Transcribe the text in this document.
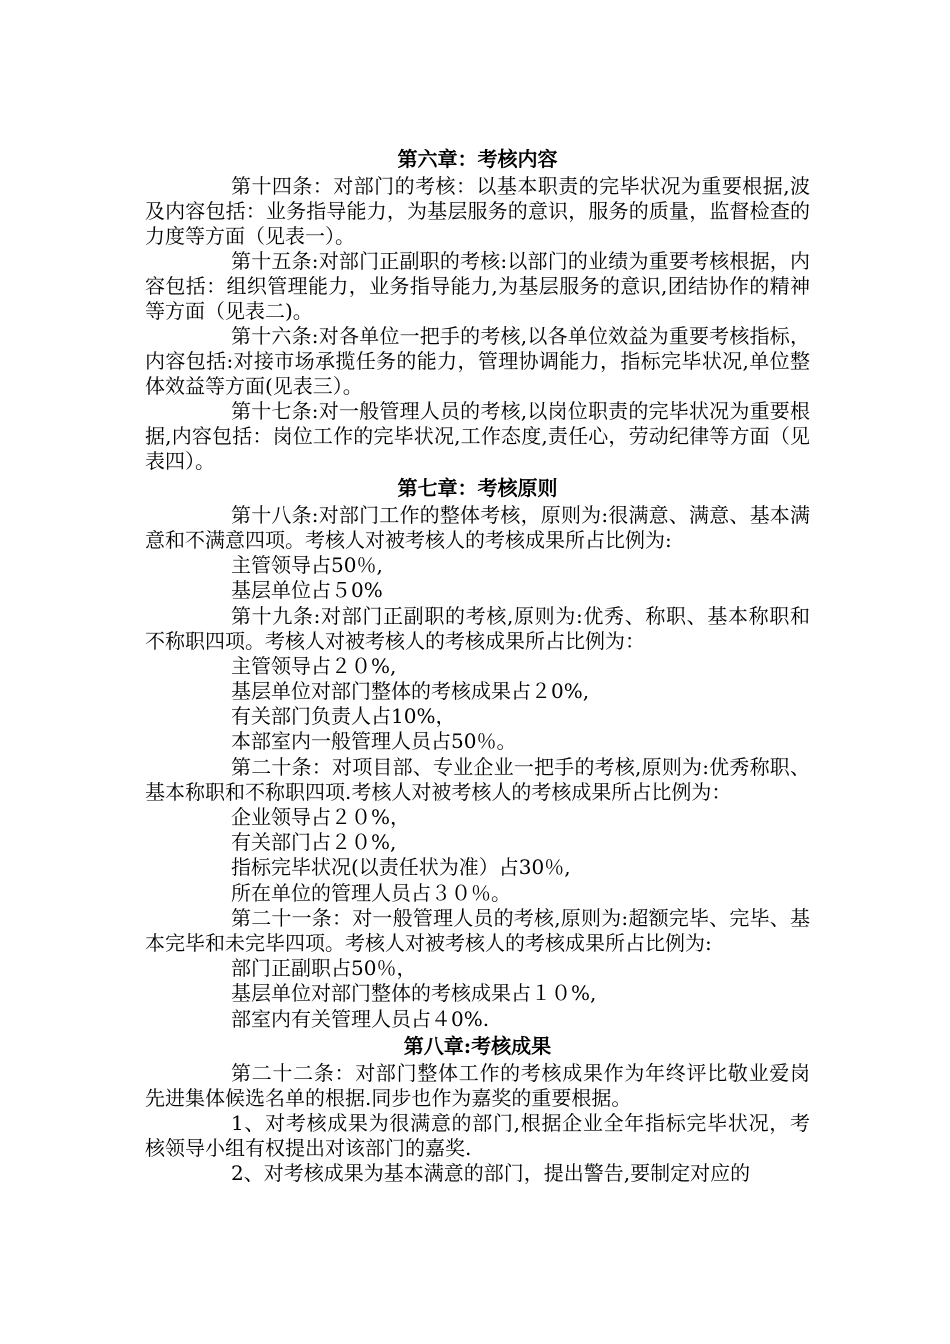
第六章：考核内容

第十四条：对部门的考核：以基本职责的完毕状况为重要根据,波及内容包括：业务指导能力，为基层服务的意识，服务的质量，监督检查的力度等方面（见表一）。

第十五条:对部门正副职的考核:以部门的业绩为重要考核根据，内容包括：组织管理能力，业务指导能力,为基层服务的意识,团结协作的精神等方面（见表二)。

第十六条:对各单位一把手的考核,以各单位效益为重要考核指标，内容包括:对接市场承揽任务的能力，管理协调能力，指标完毕状况,单位整体效益等方面(见表三）。

第十七条:对一般管理人员的考核,以岗位职责的完毕状况为重要根据,内容包括：岗位工作的完毕状况,工作态度,责任心，劳动纪律等方面（见表四）。

第七章：考核原则

第十八条:对部门工作的整体考核，原则为:很满意、满意、基本满意和不满意四项。考核人对被考核人的考核成果所占比例为:

主管领导占50％,

基层单位占５0%

第十九条:对部门正副职的考核,原则为:优秀、称职、基本称职和不称职四项。考核人对被考核人的考核成果所占比例为：

主管领导占２０%,

基层单位对部门整体的考核成果占２0%,

有关部门负责人占10%，

本部室内一般管理人员占50％。

第二十条：对项目部、专业企业一把手的考核,原则为:优秀称职、基本称职和不称职四项.考核人对被考核人的考核成果所占比例为：

企业领导占２０%，

有关部门占２０%,

指标完毕状况(以责任状为准）占30％,

所在单位的管理人员占３０％。

第二十一条：对一般管理人员的考核,原则为:超额完毕、完毕、基本完毕和未完毕四项。考核人对被考核人的考核成果所占比例为:

部门正副职占50％，

基层单位对部门整体的考核成果占１０%,

部室内有关管理人员占４0%.

第八章:考核成果

第二十二条：对部门整体工作的考核成果作为年终评比敬业爱岗先进集体候选名单的根据.同步也作为嘉奖的重要根据。

1、对考核成果为很满意的部门,根据企业全年指标完毕状况，考核领导小组有权提出对该部门的嘉奖.

2、对考核成果为基本满意的部门，提出警告,要制定对应的
